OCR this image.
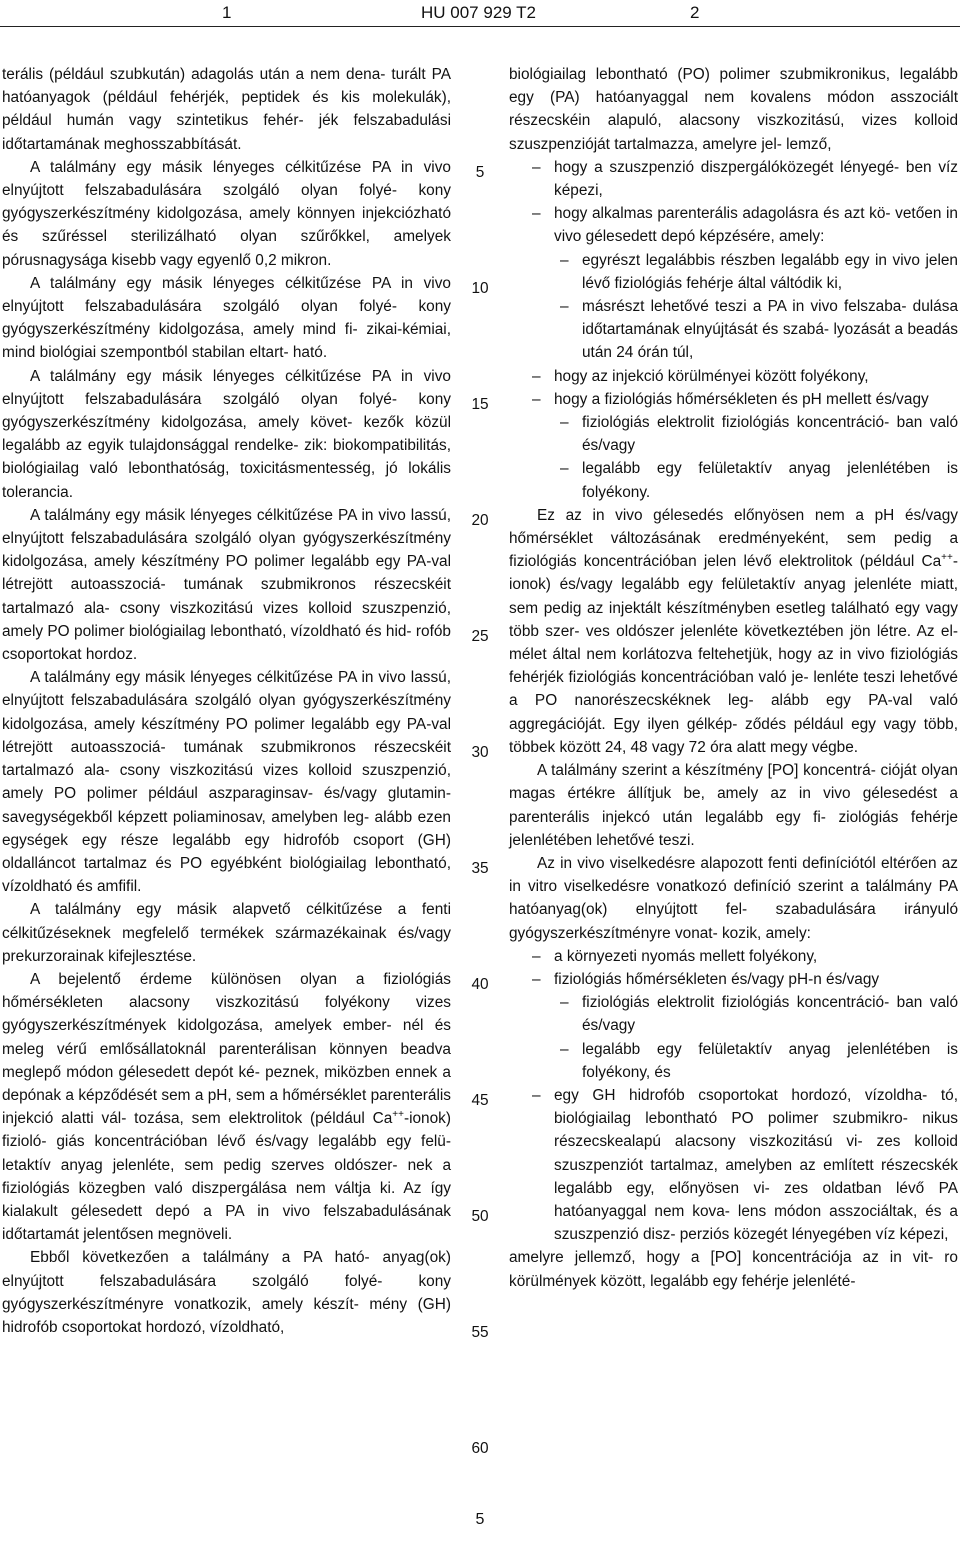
1	HU 007 929 T2	2

terális (például szubkután) adagolás után a nem dena- turált PA hatóanyagok (például fehérjék, peptidek és kis molekulák), például humán vagy szintetikus fehér- jék felszabadulási időtartamának meghosszabbítását.

A találmány egy másik lényeges célkitűzése PA in vivo elnyújtott felszabadulására szolgáló olyan folyé- kony gyógyszerkészítmény kidolgozása, amely könnyen injekciózható és szűréssel sterilizálható olyan szűrőkkel, amelyek pórusnagysága kisebb vagy egyenlő 0,2 mikron.

A találmány egy másik lényeges célkitűzése PA in vivo elnyújtott felszabadulására szolgáló olyan folyé- kony gyógyszerkészítmény kidolgozása, amely mind fi- zikai-kémiai, mind biológiai szempontból stabilan eltart- ható.

A találmány egy másik lényeges célkitűzése PA in vivo elnyújtott felszabadulására szolgáló olyan folyé- kony gyógyszerkészítmény kidolgozása, amely követ- kezők közül legalább az egyik tulajdonsággal rendelke- zik: biokompatibilitás, biológiailag való lebonthatóság, toxicitásmentesség, jó lokális tolerancia.

A találmány egy másik lényeges célkitűzése PA in vivo lassú, elnyújtott felszabadulására szolgáló olyan gyógyszerkészítmény kidolgozása, amely készítmény PO polimer legalább egy PA-val létrejött autoasszociá- tumának szubmikronos részecskéit tartalmazó ala- csony viszkozitású vizes kolloid szuszpenzió, amely PO polimer biológiailag lebontható, vízoldható és hid- rofób csoportokat hordoz.

A találmány egy másik lényeges célkitűzése PA in vivo lassú, elnyújtott felszabadulására szolgáló olyan gyógyszerkészítmény kidolgozása, amely készítmény PO polimer legalább egy PA-val létrejött autoasszociá- tumának szubmikronos részecskéit tartalmazó ala- csony viszkozitású vizes kolloid szuszpenzió, amely PO polimer például aszparaginsav- és/vagy glutamin- savegységekből képzett poliaminosav, amelyben leg- alább ezen egységek egy része legalább egy hidrofób csoport (GH) oldalláncot tartalmaz és PO egyébként biológiailag lebontható, vízoldható és amfifil.

A találmány egy másik alapvető célkitűzése a fenti célkitűzéseknek megfelelő termékek származékainak és/vagy prekurzorainak kifejlesztése.

A bejelentő érdeme különösen olyan a fiziológiás hőmérsékleten alacsony viszkozitású folyékony vizes gyógyszerkészítmények kidolgozása, amelyek ember- nél és meleg vérű emlősállatoknál parenterálisan könnyen beadva meglepő módon gélesedett depót ké- peznek, miközben ennek a depónak a képződését sem a pH, sem a hőmérséklet parenterális injekció alatti vál- tozása, sem elektrolitok (például Ca++-ionok) fizioló- giás koncentrációban lévő és/vagy legalább egy felü- letaktív anyag jelenléte, sem pedig szerves oldószer- nek a fiziológiás közegben való diszpergálása nem váltja ki. Az így kialakult gélesedett depó a PA in vivo felszabadulásának időtartamát jelentősen megnöveli.

Ebből következően a találmány a PA ható- anyag(ok) elnyújtott felszabadulására szolgáló folyé- kony gyógyszerkészítményre vonatkozik, amely készít- mény (GH) hidrofób csoportokat hordozó, vízoldható,

biológiailag lebontható (PO) polimer szubmikronikus, legalább egy (PA) hatóanyaggal nem kovalens módon asszociált részecskéin alapuló, alacsony viszkozitású, vizes kolloid szuszpenzióját tartalmazza, amelyre jel- lemző,

– hogy a szuszpenzió diszpergálóközegét lényegé- ben víz képezi,

– hogy alkalmas parenterális adagolásra és azt kö- vetően in vivo gélesedett depó képzésére, amely:

– egyrészt legalábbis részben legalább egy in vivo jelen lévő fiziológiás fehérje által váltódik ki,

– másrészt lehetővé teszi a PA in vivo felszaba- dulása időtartamának elnyújtását és szabá- lyozását a beadás után 24 órán túl,

– hogy az injekció körülményei között folyékony,

– hogy a fiziológiás hőmérsékleten és pH mellett és/vagy

– fiziológiás elektrolit fiziológiás koncentráció- ban való és/vagy

– legalább egy felületaktív anyag jelenlétében is folyékony.

Ez az in vivo gélesedés előnyösen nem a pH és/vagy hőmérséklet változásának eredményeként, sem pedig a fiziológiás koncentrációban jelen lévő elektrolitok (például Ca++-ionok) és/vagy legalább egy felületaktív anyag jelenléte miatt, sem pedig az injektált készítményben esetleg található egy vagy több szer- ves oldószer jelenléte következtében jön létre. Az el- mélet által nem korlátozva feltehetjük, hogy az in vivo fiziológiás fehérjék fiziológiás koncentrációban való je- lenléte teszi lehetővé a PO nanorészecskéknek leg- alább egy PA-val való aggregációját. Egy ilyen gélkép- ződés például egy vagy több, többek között 24, 48 vagy 72 óra alatt megy végbe.

A találmány szerint a készítmény [PO] koncentrá- cióját olyan magas értékre állítjuk be, amely az in vivo gélesedést a parenterális injekcó után legalább egy fi- ziológiás fehérje jelenlétében lehetővé teszi.

Az in vivo viselkedésre alapozott fenti definíciótól eltérően az in vitro viselkedésre vonatkozó definíció szerint a találmány PA hatóanyag(ok) elnyújtott fel- szabadulására irányuló gyógyszerkészítményre vonat- kozik, amely:

– a környezeti nyomás mellett folyékony,

– fiziológiás hőmérsékleten és/vagy pH-n és/vagy

– fiziológiás elektrolit fiziológiás koncentráció- ban való és/vagy

– legalább egy felületaktív anyag jelenlétében is folyékony, és

– egy GH hidrofób csoportokat hordozó, vízoldha- tó, biológiailag lebontható PO polimer szubmikro- nikus részecskealapú alacsony viszkozitású vi- zes kolloid szuszpenziót tartalmaz, amelyben az említett részecskék legalább egy, előnyösen vi- zes oldatban lévő PA hatóanyaggal nem kova- lens módon asszociáltak, és a szuszpenzió disz- perziós közegét lényegében víz képezi,

amelyre jellemző, hogy a [PO] koncentrációja az in vit- ro körülmények között, legalább egy fehérje jelenlété-

5
10
15
20
25
30
35
40
45
50
55
60
5
